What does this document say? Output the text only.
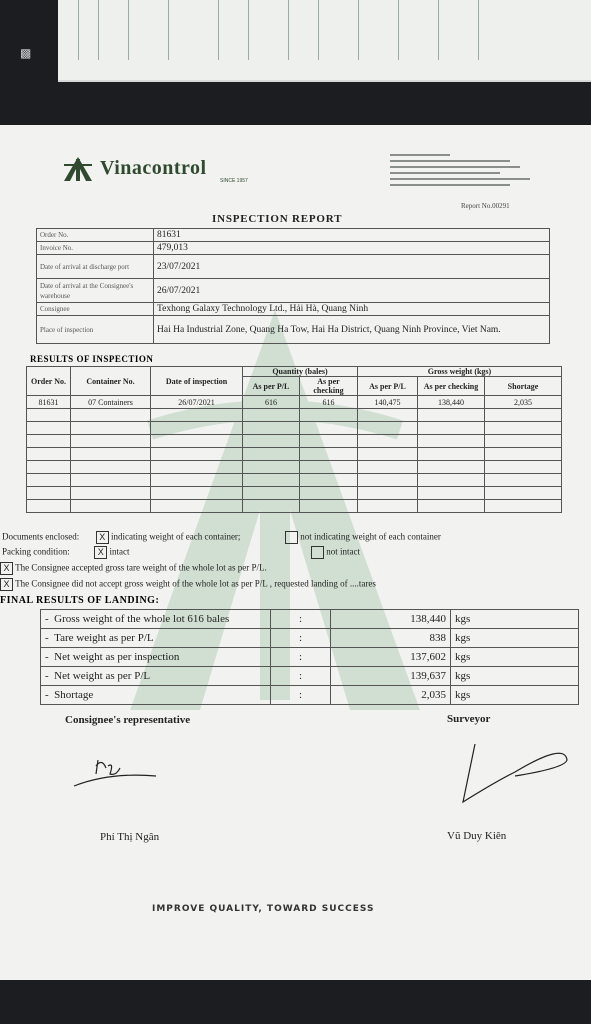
▩
Vinacontrol
SINCE 1957
Report No.00291
INSPECTION REPORT
Order No.	81631
Invoice No.	479,013
Date of arrival at discharge port	23/07/2021
Date of arrival at the Consignee's warehouse	26/07/2021
Consignee	Texhong Galaxy Technology Ltd., Hải Hà, Quang Ninh
Place of inspection	Hai Ha Industrial Zone, Quang Ha Tow, Hai Ha District, Quang Ninh Province, Viet Nam.
RESULTS OF INSPECTION
Order No.	Container No.	Date of inspection	Quantity (bales)		Gross weight (kgs)		
			As per P/L	As per checking	As per P/L	As per checking	Shortage
81631	07 Containers	26/07/2021	616	616	140,475	138,440	2,035

Documents enclosed: X indicating weight of each container;	not indicating weight of each container
Packing condition:	X intact	not intact
X The Consignee accepted gross tare weight of the whole lot as per P/L.
X The Consignee did not accept gross weight of the whole lot as per P/L , requested landing of ....tares
FINAL RESULTS OF LANDING:
- Gross weight of the whole lot 616 bales	:	138,440	kgs
- Tare weight as per P/L	:	838	kgs
- Net weight as per inspection	:	137,602	kgs
- Net weight as per P/L	:	139,637	kgs
- Shortage	:	2,035	kgs
Consignee's representative	Surveyor
Phí Thị Ngân	Vũ Duy Kiên
IMPROVE QUALITY, TOWARD SUCCESS
